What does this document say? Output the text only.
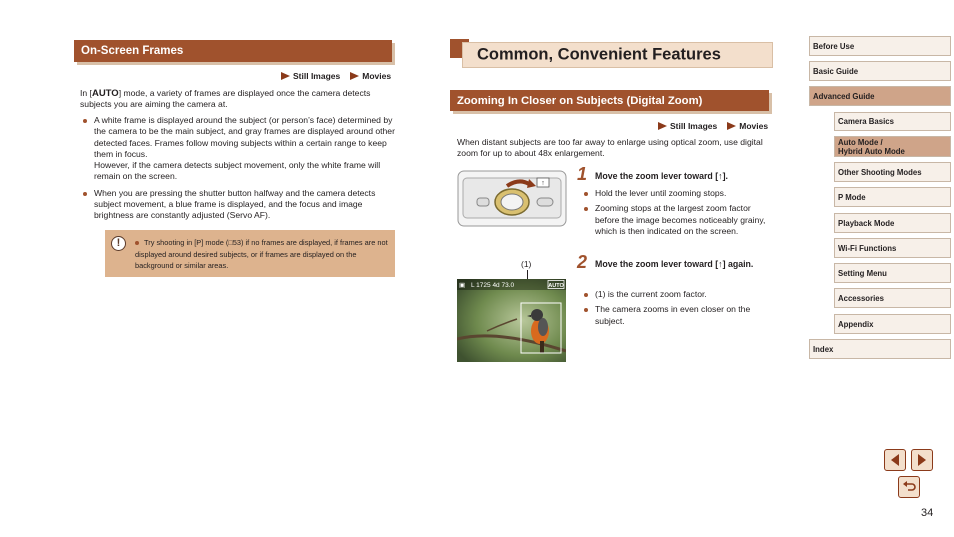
On-Screen Frames
Still Images	Movies
In [AUTO] mode, a variety of frames are displayed once the camera detects subjects you are aiming the camera at.
A white frame is displayed around the subject (or person’s face) determined by the camera to be the main subject, and gray frames are displayed around other detected faces. Frames follow moving subjects within a certain range to keep them in focus.
However, if the camera detects subject movement, only the white frame will remain on the screen.
When you are pressing the shutter button halfway and the camera detects subject movement, a blue frame is displayed, and the focus and image brightness are constantly adjusted (Servo AF).
!	Try shooting in [P] mode (□53) if no frames are displayed, if frames are not displayed around desired subjects, or if frames are displayed on the background or similar areas.
Common, Convenient Features
Zooming In Closer on Subjects (Digital Zoom)
Still Images	Movies
When distant subjects are too far away to enlarge using optical zoom, use digital zoom for up to about 48x enlargement.
↑
(1)
▣ L 1725 4d 73.0	AUTO
1 Move the zoom lever toward [↑].
Hold the lever until zooming stops.
Zooming stops at the largest zoom factor before the image becomes noticeably grainy, which is then indicated on the screen.
2 Move the zoom lever toward [↑] again.
(1) is the current zoom factor.
The camera zooms in even closer on the subject.
Before Use
Basic Guide
Advanced Guide
Camera Basics
Auto Mode /
Hybrid Auto Mode
Other Shooting Modes
P Mode
Playback Mode
Wi-Fi Functions
Setting Menu
Accessories
Appendix
Index
34
